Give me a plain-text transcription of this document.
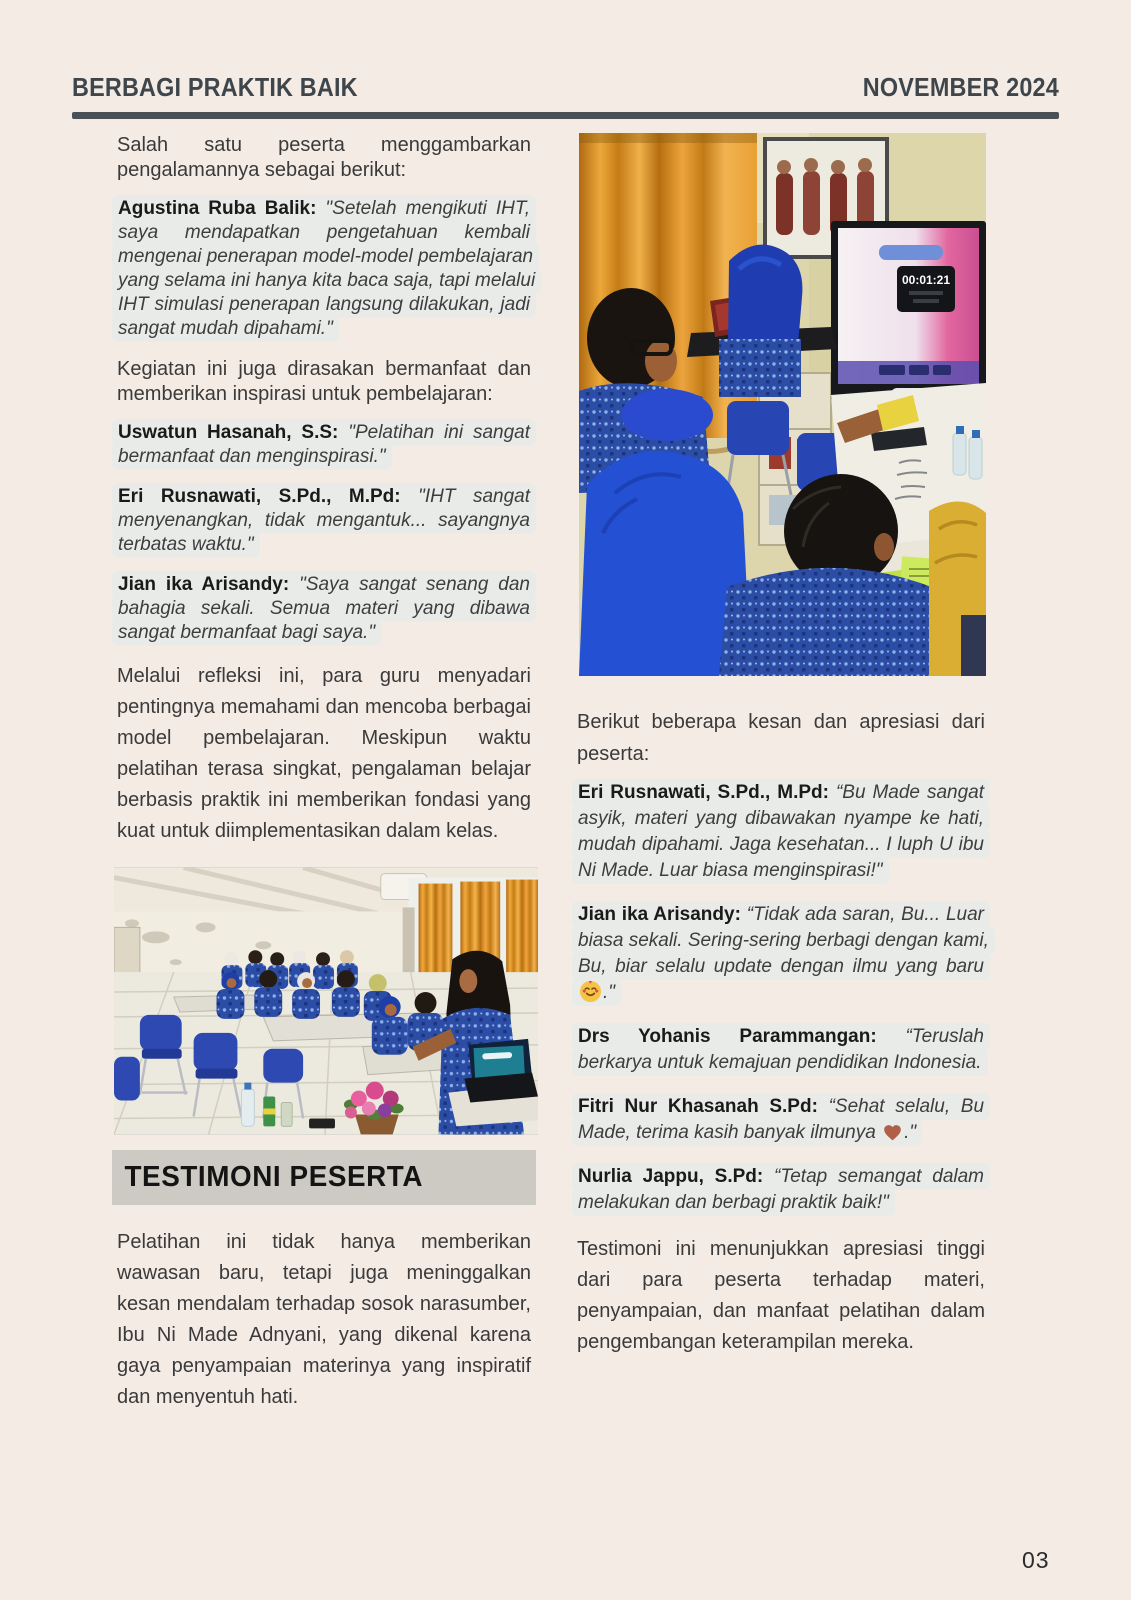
BERBAGI PRAKTIK BAIK	NOVEMBER 2024

Salah satu peserta menggambarkan pengalamannya sebagai berikut:

Agustina Ruba Balik: "Setelah mengikuti IHT, saya mendapatkan pengetahuan kembali mengenai penerapan model-model pembelajaran yang selama ini hanya kita baca saja, tapi melalui IHT simulasi penerapan langsung dilakukan, jadi sangat mudah dipahami."

Kegiatan ini juga dirasakan bermanfaat dan memberikan inspirasi untuk pembelajaran:

Uswatun Hasanah, S.S: "Pelatihan ini sangat bermanfaat dan menginspirasi."

Eri Rusnawati, S.Pd., M.Pd: "IHT sangat menyenangkan, tidak mengantuk... sayangnya terbatas waktu."

Jian ika Arisandy: "Saya sangat senang dan bahagia sekali. Semua materi yang dibawa sangat bermanfaat bagi saya."

Melalui refleksi ini, para guru menyadari pentingnya memahami dan mencoba berbagai model pembelajaran. Meskipun waktu pelatihan terasa singkat, pengalaman belajar berbasis praktik ini memberikan fondasi yang kuat untuk diimplementasikan dalam kelas.

TESTIMONI PESERTA

Pelatihan ini tidak hanya memberikan wawasan baru, tetapi juga meninggalkan kesan mendalam terhadap sosok narasumber, Ibu Ni Made Adnyani, yang dikenal karena gaya penyampaian materinya yang inspiratif dan menyentuh hati.

00:01:21

Berikut beberapa kesan dan apresiasi dari peserta:

Eri Rusnawati, S.Pd., M.Pd: “Bu Made sangat asyik, materi yang dibawakan nyampe ke hati, mudah dipahami. Jaga kesehatan... I luph U ibu Ni Made. Luar biasa menginspirasi!"

Jian ika Arisandy: “Tidak ada saran, Bu... Luar biasa sekali. Sering-sering berbagi dengan kami, Bu, biar selalu update dengan ilmu yang baru ."

Drs Yohanis Parammangan: “Teruslah berkarya untuk kemajuan pendidikan Indonesia.

Fitri Nur Khasanah S.Pd: “Sehat selalu, Bu Made, terima kasih banyak ilmunya ."

Nurlia Jappu, S.Pd: “Tetap semangat dalam melakukan dan berbagi praktik baik!"

Testimoni ini menunjukkan apresiasi tinggi dari para peserta terhadap materi, penyampaian, dan manfaat pelatihan dalam pengembangan keterampilan mereka.

03
